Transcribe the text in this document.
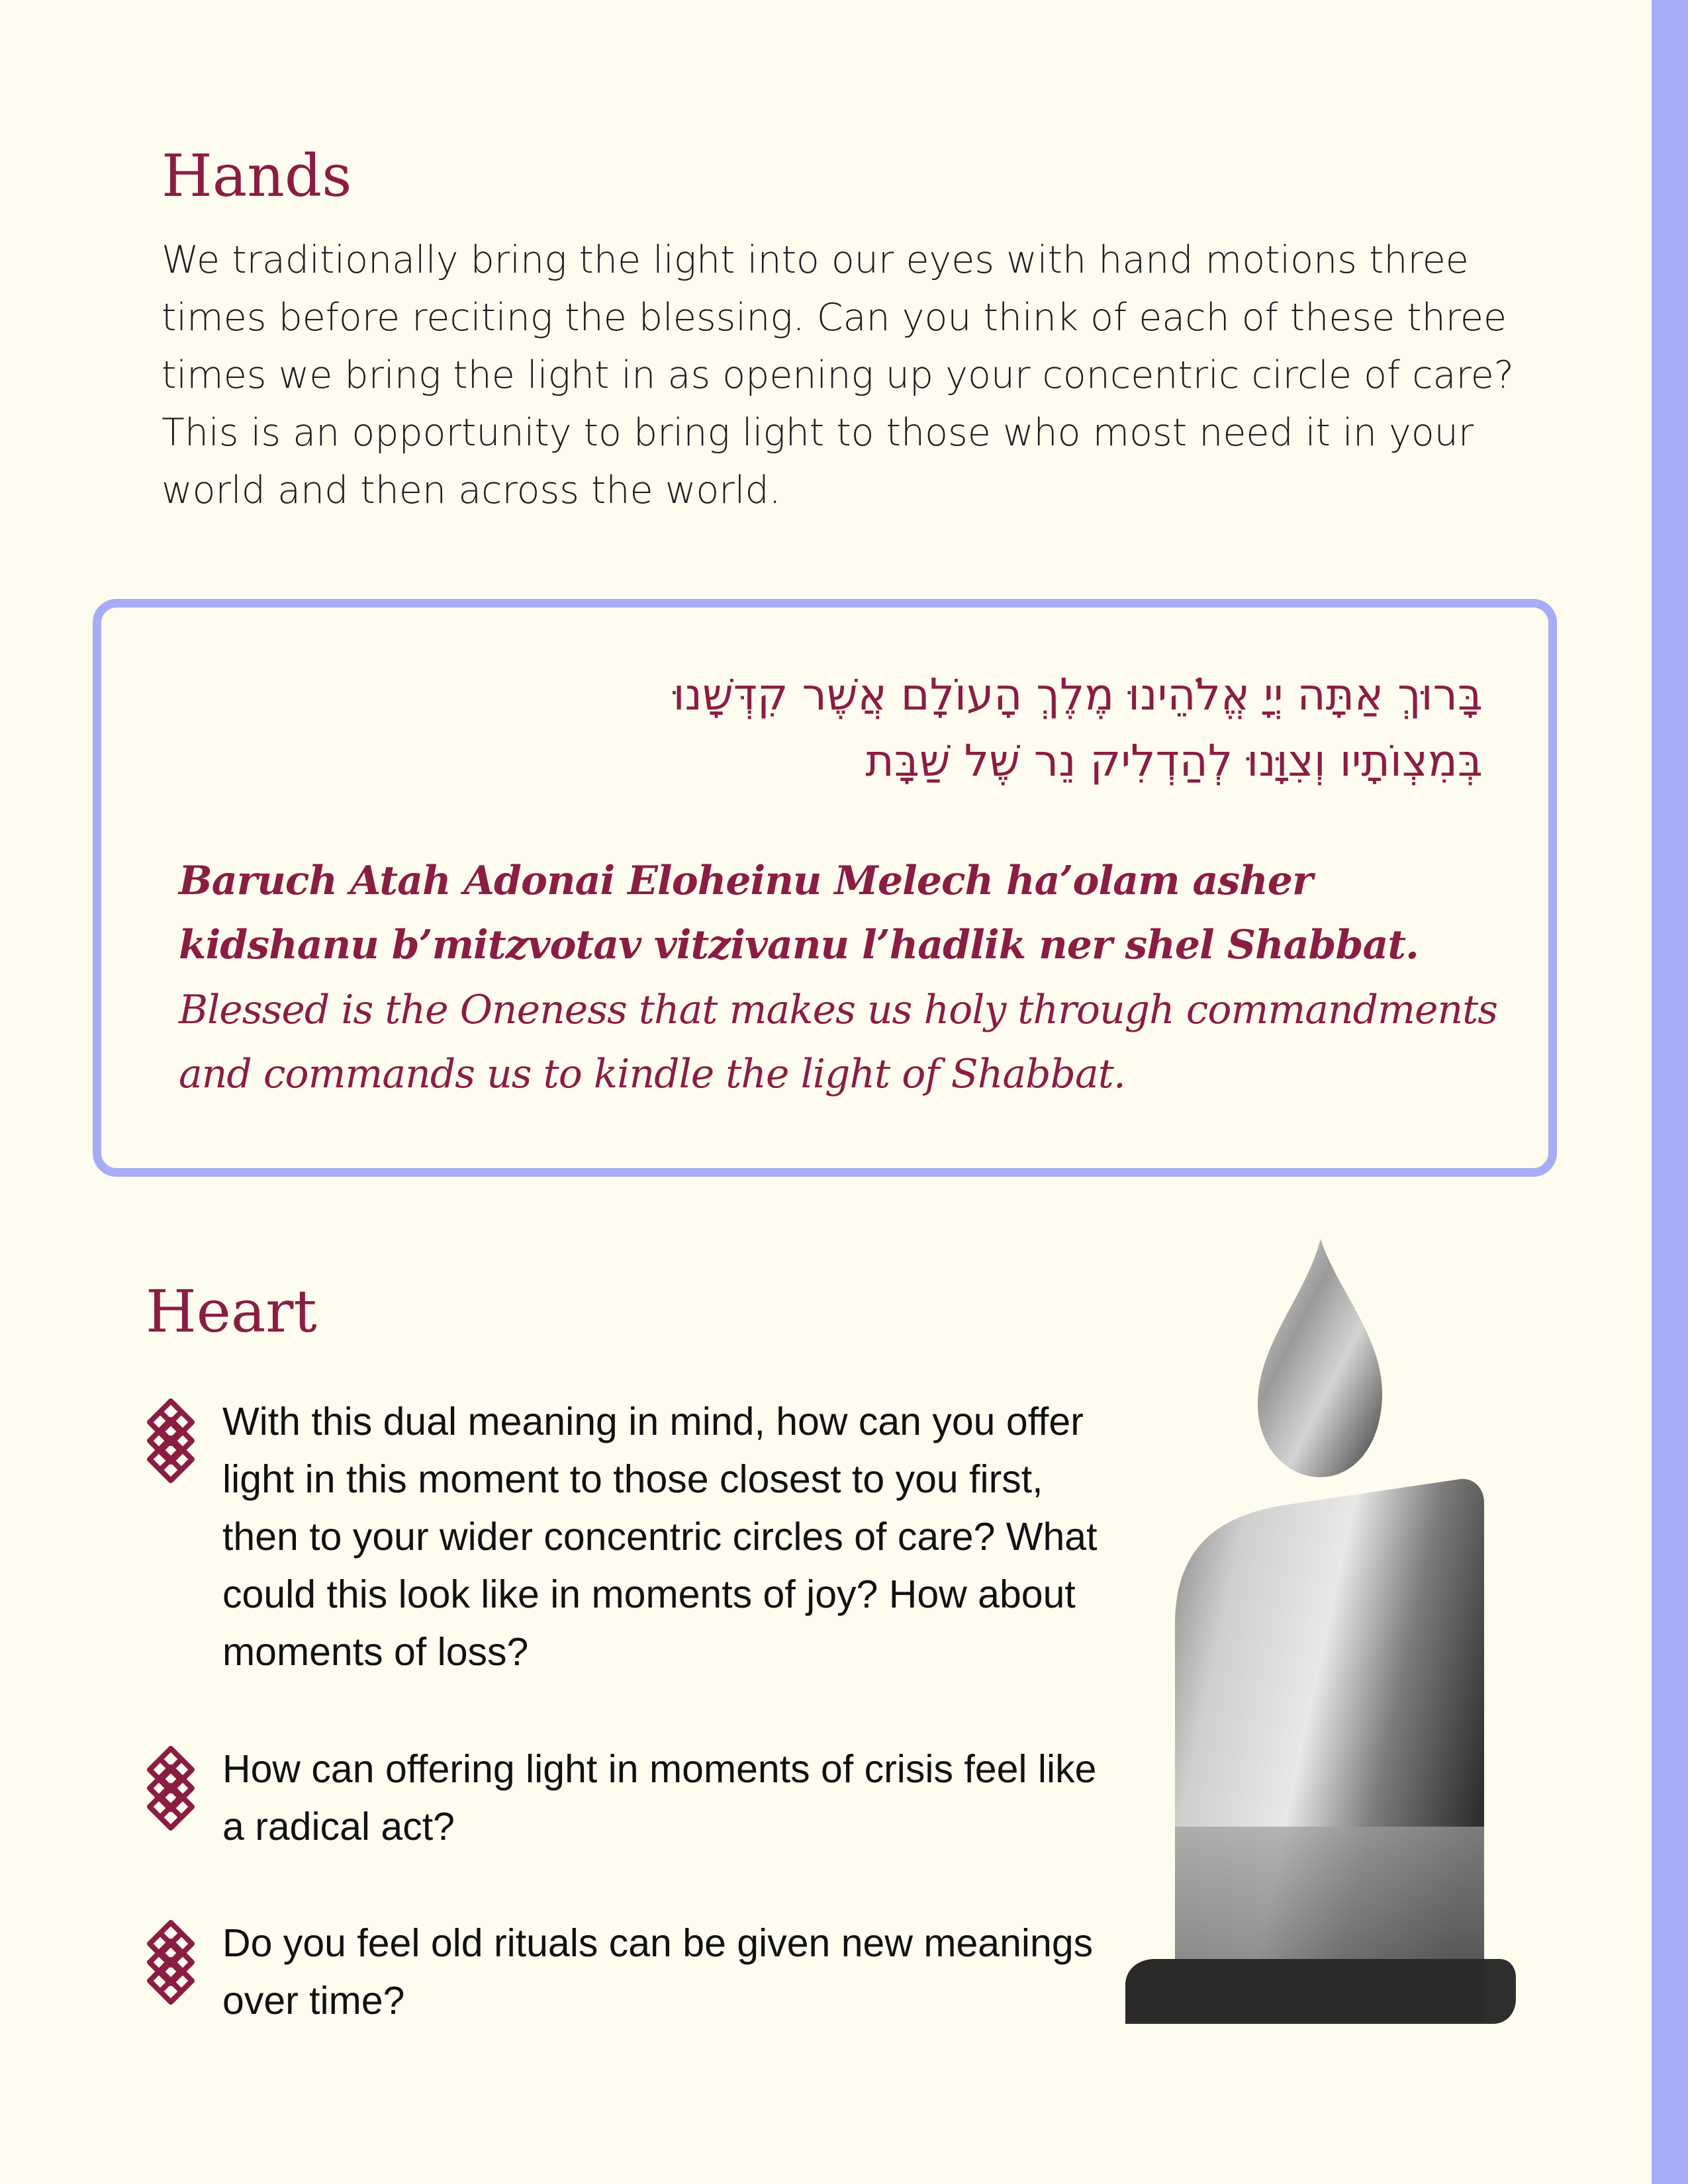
Hands

We traditionally bring the light into our eyes with hand motions three times before reciting the blessing. Can you think of each of these three times we bring the light in as opening up your concentric circle of care? This is an opportunity to bring light to those who most need it in your world and then across the world.

בָּרוּךְ אַתָּה יְיָ אֱלֹהֵינוּ מֶלֶךְ הָעוֹלָם אֲשֶׁר קִדְּשָׁנוּ
בְּמִצְוֹתָיו וְצִוָּנוּ לְהַדְלִיק נֵר שֶׁל שַׁבָּת

Baruch Atah Adonai Eloheinu Melech ha’olam asher kidshanu b’mitzvotav vitzivanu l’hadlik ner shel Shabbat.

Blessed is the Oneness that makes us holy through commandments and commands us to kindle the light of Shabbat.

Heart

With this dual meaning in mind, how can you offer light in this moment to those closest to you first, then to your wider concentric circles of care? What could this look like in moments of joy? How about moments of loss?

How can offering light in moments of crisis feel like a radical act?

Do you feel old rituals can be given new meanings over time?
